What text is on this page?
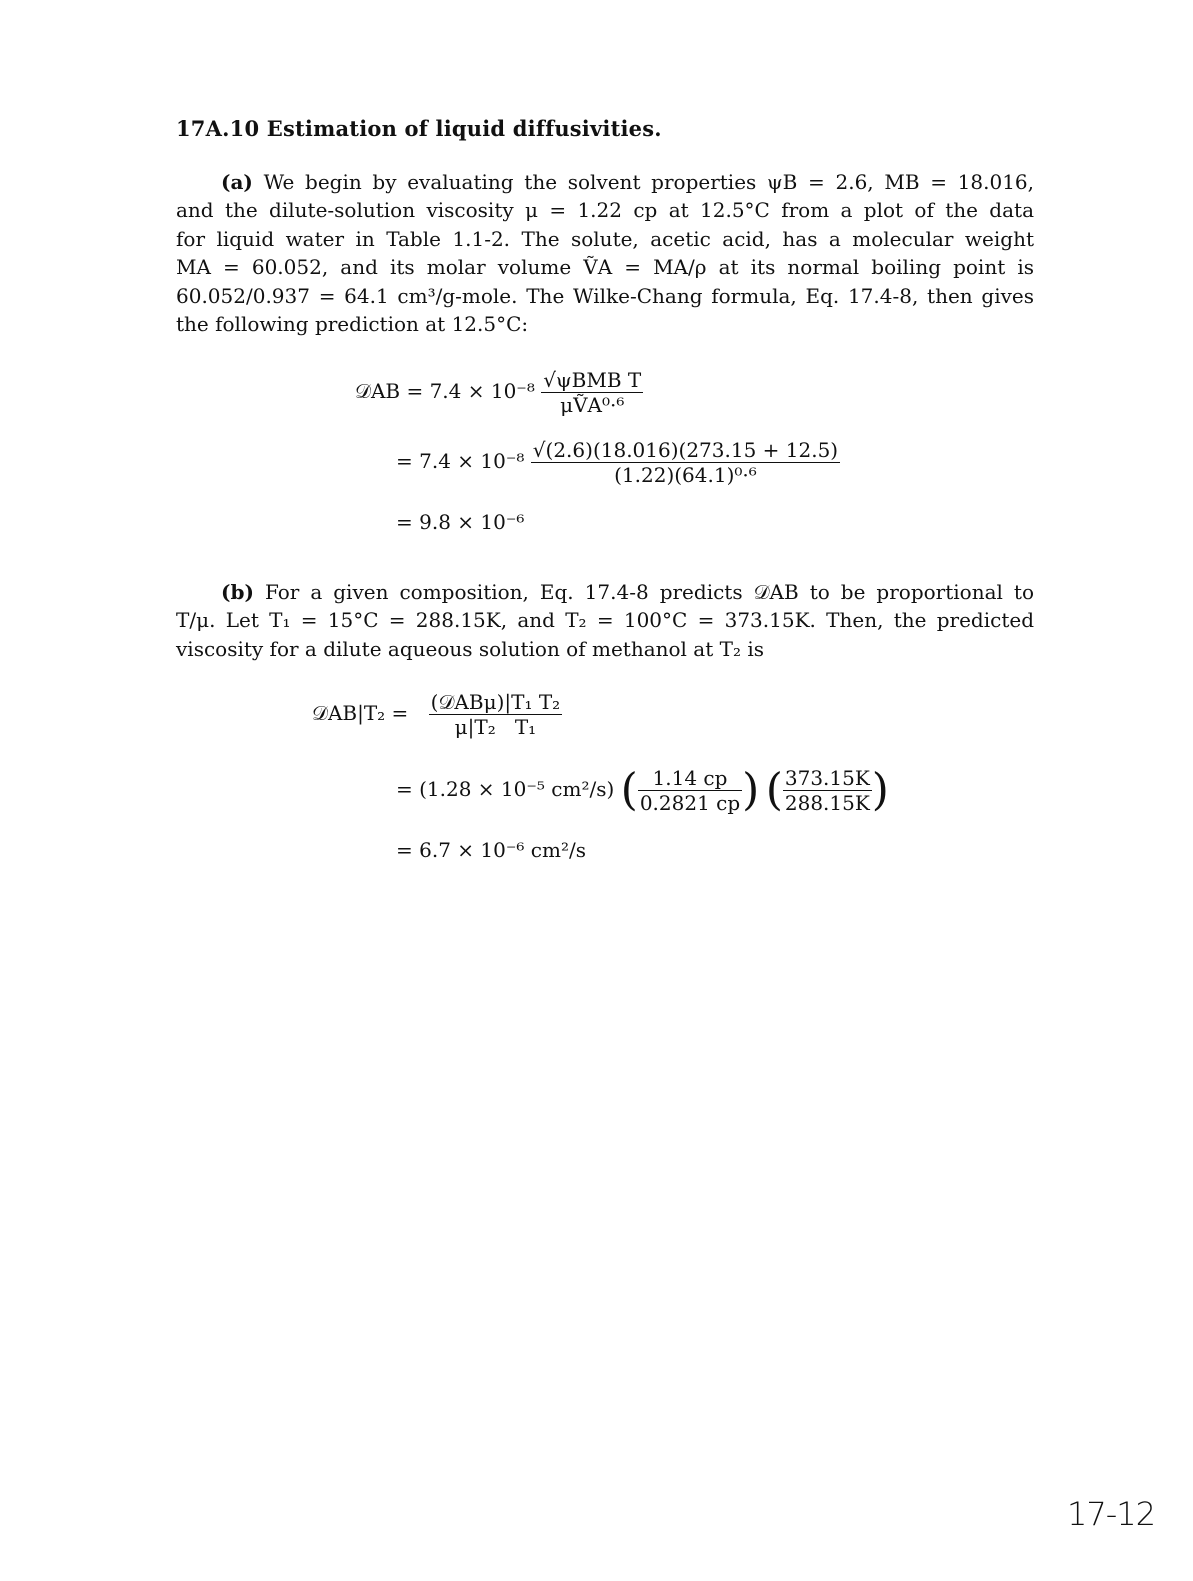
17A.10 Estimation of liquid diffusivities.
(a) We begin by evaluating the solvent properties ψB = 2.6, MB = 18.016,
and the dilute-solution viscosity μ = 1.22 cp at 12.5°C from a plot of the data
for liquid water in Table 1.1-2. The solute, acetic acid, has a molecular weight
MA = 60.052, and its molar volume ṼA = MA/ρ at its normal boiling point is
60.052/0.937 = 64.1 cm³/g-mole. The Wilke-Chang formula, Eq. 17.4-8, then gives
the following prediction at 12.5°C:
𝒟AB = $7.4 \times 10^{-8} \frac{\text{√ψBMB T}}{\text{μṼA⁰·⁶}}$
= $7.4 \times 10^{-8} \frac{√(2.6)(18.016)(273.15 + 12.5)}{\text{(1.22)(64.1)⁰·⁶}}$
= 9.8 × 10⁻⁶
(b) For a given composition, Eq. 17.4-8 predicts 𝒟AB to be proportional to
T/μ. Let T₁ = 15°C = 288.15K, and T₂ = 100°C = 373.15K. Then, the predicted
viscosity for a dilute aqueous solution of methanol at T₂ is
𝒟AB|T₂ = $\frac{\text{(𝒟ABμ)|T₁ T₂}}{\text{μ|T₂   T₁}}$
= (1.28 × 10⁻⁵ cm²/s) ( $\frac{1.14 cp}{0.2821 cp}$ ) ( $\frac{373.15K}{288.15K}$ )
= 6.7 × 10⁻⁶ cm²/s
17-12
